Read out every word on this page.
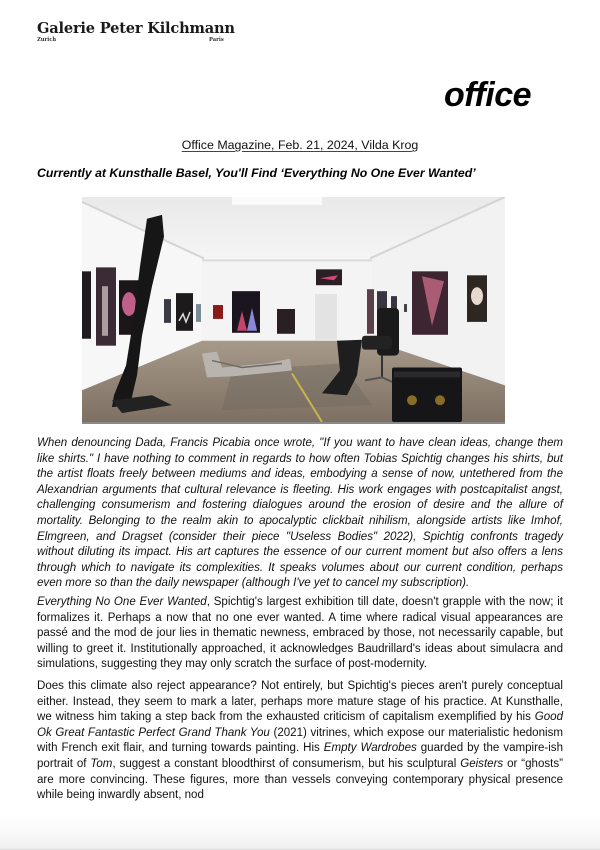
Galerie Peter Kilchmann
Zurich	Paris
office
Office Magazine, Feb. 21, 2024, Vilda Krog
Currently at Kunsthalle Basel, You'll Find ‘Everything No One Ever Wanted’

When denouncing Dada, Francis Picabia once wrote, "If you want to have clean ideas, change them like shirts." I have nothing to comment in regards to how often Tobias Spichtig changes his shirts, but the artist floats freely between mediums and ideas, embodying a sense of now, untethered from the Alexandrian arguments that cultural relevance is fleeting. His work engages with postcapitalist angst, challenging consumerism and fostering dialogues around the erosion of desire and the allure of mortality. Belonging to the realm akin to apocalyptic clickbait nihilism, alongside artists like Imhof, Elmgreen, and Dragset (consider their piece "Useless Bodies" 2022), Spichtig confronts tragedy without diluting its impact. His art captures the essence of our current moment but also offers a lens through which to navigate its complexities. It speaks volumes about our current condition, perhaps even more so than the daily newspaper (although I've yet to cancel my subscription).

Everything No One Ever Wanted, Spichtig's largest exhibition till date, doesn't grapple with the now; it formalizes it. Perhaps a now that no one ever wanted. A time where radical visual appearances are passé and the mod de jour lies in thematic newness, embraced by those, not necessarily capable, but willing to greet it. Institutionally approached, it acknowledges Baudrillard's ideas about simulacra and simulations, suggesting they may only scratch the surface of post-modernity.

Does this climate also reject appearance? Not entirely, but Spichtig's pieces aren't purely conceptual either. Instead, they seem to mark a later, perhaps more mature stage of his practice. At Kunsthalle, we witness him taking a step back from the exhausted criticism of capitalism exemplified by his Good Ok Great Fantastic Perfect Grand Thank You (2021) vitrines, which expose our materialistic hedonism with French exit flair, and turning towards painting. His Empty Wardrobes guarded by the vampire-ish portrait of Tom, suggest a constant bloodthirst of consumerism, but his sculptural Geisters or “ghosts” are more convincing. These figures, more than vessels conveying contemporary physical presence while being inwardly absent, nod
